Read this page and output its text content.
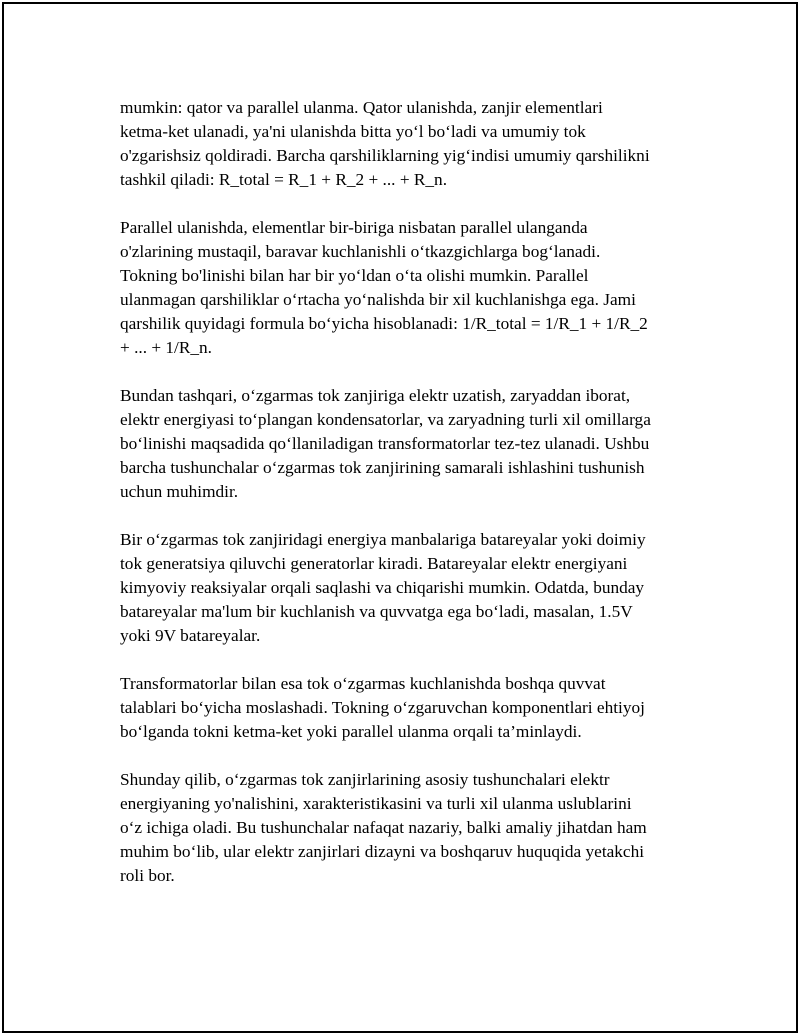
mumkin: qator va parallel ulanma. Qator ulanishda, zanjir elementlari
ketma-ket ulanadi, ya'ni ulanishda bitta yo‘l bo‘ladi va umumiy tok
o'zgarishsiz qoldiradi. Barcha qarshiliklarning yig‘indisi umumiy qarshilikni
tashkil qiladi: R_total = R_1 + R_2 + ... + R_n.

Parallel ulanishda, elementlar bir-biriga nisbatan parallel ulanganda
o'zlarining mustaqil, baravar kuchlanishli o‘tkazgichlarga bog‘lanadi.
Tokning bo'linishi bilan har bir yo‘ldan o‘ta olishi mumkin. Parallel
ulanmagan qarshiliklar o‘rtacha yo‘nalishda bir xil kuchlanishga ega. Jami
qarshilik quyidagi formula bo‘yicha hisoblanadi: 1/R_total = 1/R_1 + 1/R_2
+ ... + 1/R_n.

Bundan tashqari, o‘zgarmas tok zanjiriga elektr uzatish, zaryaddan iborat,
elektr energiyasi to‘plangan kondensatorlar, va zaryadning turli xil omillarga
bo‘linishi maqsadida qo‘llaniladigan transformatorlar tez-tez ulanadi. Ushbu
barcha tushunchalar o‘zgarmas tok zanjirining samarali ishlashini tushunish
uchun muhimdir.

Bir o‘zgarmas tok zanjiridagi energiya manbalariga batareyalar yoki doimiy
tok generatsiya qiluvchi generatorlar kiradi. Batareyalar elektr energiyani
kimyoviy reaksiyalar orqali saqlashi va chiqarishi mumkin. Odatda, bunday
batareyalar ma'lum bir kuchlanish va quvvatga ega bo‘ladi, masalan, 1.5V
yoki 9V batareyalar.

Transformatorlar bilan esa tok o‘zgarmas kuchlanishda boshqa quvvat
talablari bo‘yicha moslashadi. Tokning o‘zgaruvchan komponentlari ehtiyoj
bo‘lganda tokni ketma-ket yoki parallel ulanma orqali ta’minlaydi.

Shunday qilib, o‘zgarmas tok zanjirlarining asosiy tushunchalari elektr
energiyaning yo'nalishini, xarakteristikasini va turli xil ulanma uslublarini
o‘z ichiga oladi. Bu tushunchalar nafaqat nazariy, balki amaliy jihatdan ham
muhim bo‘lib, ular elektr zanjirlari dizayni va boshqaruv huquqida yetakchi
roli bor.
